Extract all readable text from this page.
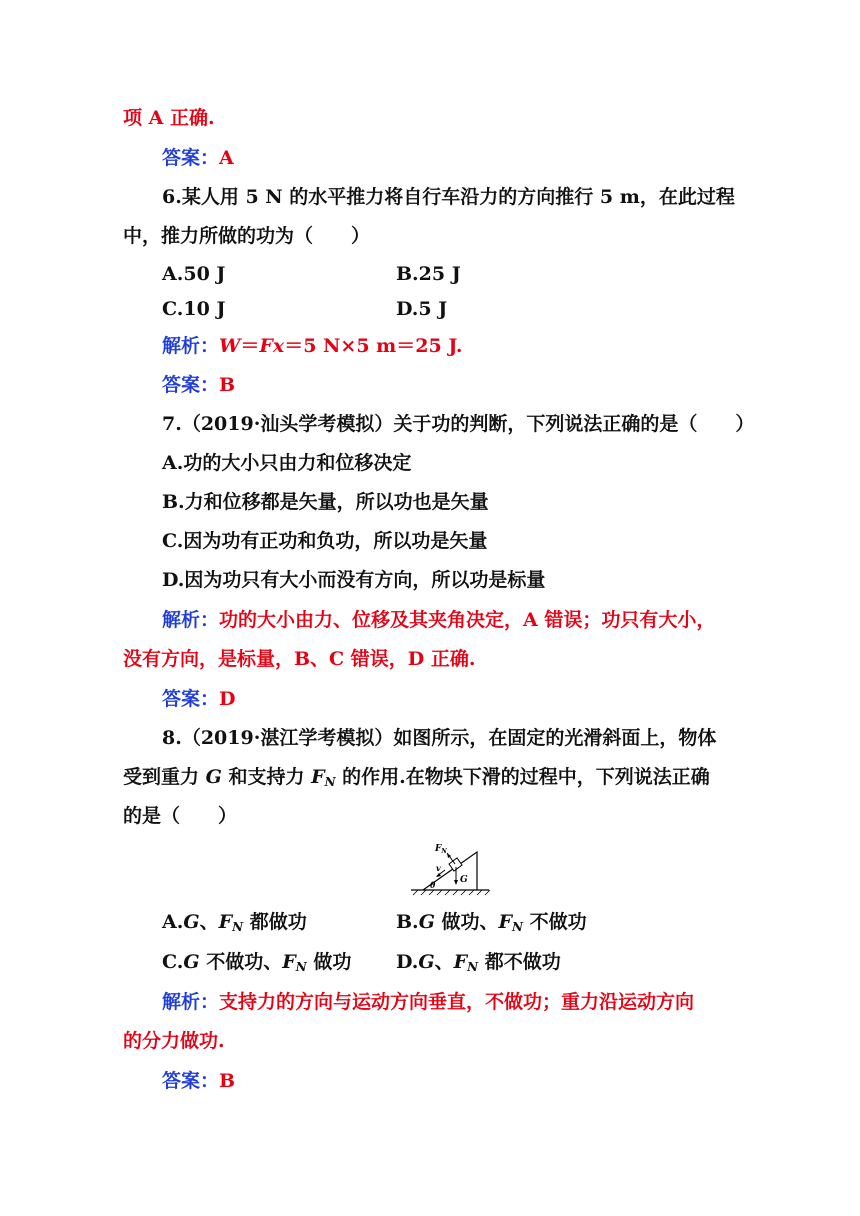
项 A 正确.
答案：A
6.某人用 5 N 的水平推力将自行车沿力的方向推行 5 m，在此过程
中，推力所做的功为（　　）
A.50 J	B.25 J
C.10 J	D.5 J
解析：W＝Fx＝5 N×5 m＝25 J.
答案：B
7.（2019·汕头学考模拟）关于功的判断，下列说法正确的是（　　）
A.功的大小只由力和位移决定
B.力和位移都是矢量，所以功也是矢量
C.因为功有正功和负功，所以功是矢量
D.因为功只有大小而没有方向，所以功是标量
解析：功的大小由力、位移及其夹角决定，A 错误；功只有大小，
没有方向，是标量，B、C 错误，D 正确.
答案：D
8.（2019·湛江学考模拟）如图所示，在固定的光滑斜面上，物体
受到重力 G 和支持力 $F_N$ 的作用.在物块下滑的过程中，下列说法正确
的是（　　）
$F_N$
v
θ	G
A.G、$F_N$ 都做功	B.G 做功、$F_N$ 不做功
C.G 不做功、$F_N$ 做功 D.G、$F_N$ 都不做功
解析：支持力的方向与运动方向垂直，不做功；重力沿运动方向
的分力做功.
答案：B
